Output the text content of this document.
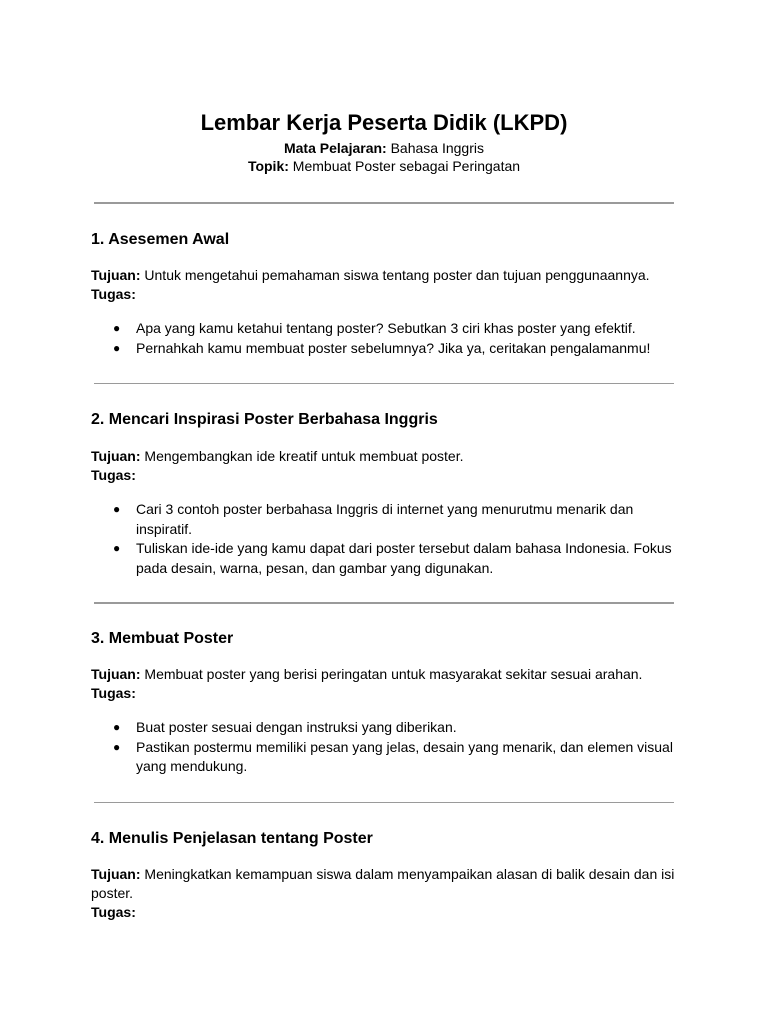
Lembar Kerja Peserta Didik (LKPD)
Mata Pelajaran: Bahasa Inggris
Topik: Membuat Poster sebagai Peringatan
1. Asesemen Awal

Tujuan: Untuk mengetahui pemahaman siswa tentang poster dan tujuan penggunaannya.

Tugas:

● Apa yang kamu ketahui tentang poster? Sebutkan 3 ciri khas poster yang efektif.
● Pernahkah kamu membuat poster sebelumnya? Jika ya, ceritakan pengalamanmu!
2. Mencari Inspirasi Poster Berbahasa Inggris

Tujuan: Mengembangkan ide kreatif untuk membuat poster.

Tugas:

● Cari 3 contoh poster berbahasa Inggris di internet yang menurutmu menarik dan inspiratif.
● Tuliskan ide-ide yang kamu dapat dari poster tersebut dalam bahasa Indonesia. Fokus pada desain, warna, pesan, dan gambar yang digunakan.
3. Membuat Poster

Tujuan: Membuat poster yang berisi peringatan untuk masyarakat sekitar sesuai arahan.

Tugas:

● Buat poster sesuai dengan instruksi yang diberikan.
● Pastikan postermu memiliki pesan yang jelas, desain yang menarik, dan elemen visual yang mendukung.
4. Menulis Penjelasan tentang Poster

Tujuan: Meningkatkan kemampuan siswa dalam menyampaikan alasan di balik desain dan isi poster.

Tugas:
